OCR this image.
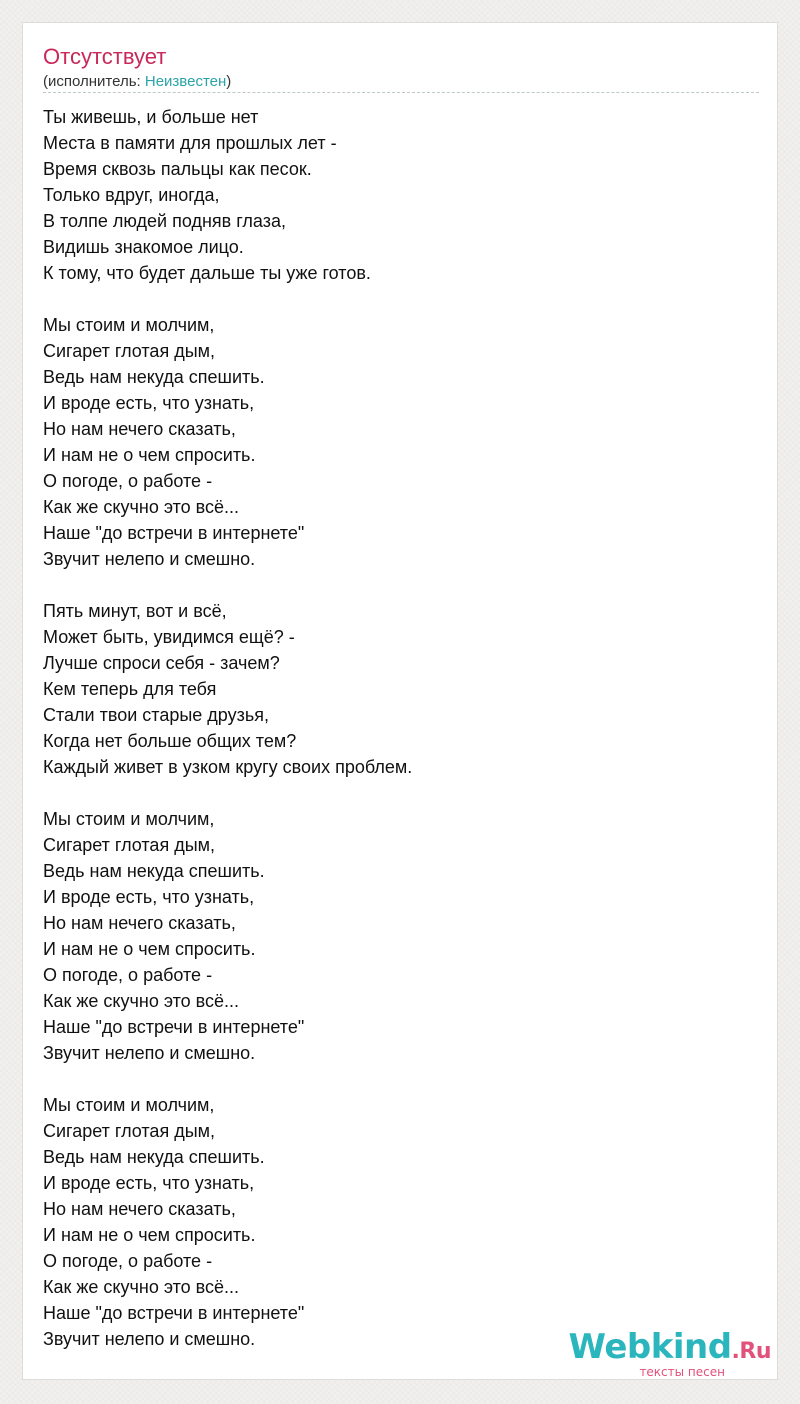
Отсутствует
(исполнитель: Неизвестен)
Ты живешь, и больше нет
Места в памяти для прошлых лет -
Время сквозь пальцы как песок.
Только вдруг, иногда,
В толпе людей подняв глаза,
Видишь знакомое лицо.
К тому, что будет дальше ты уже готов.
Мы стоим и молчим,
Сигарет глотая дым,
Ведь нам некуда спешить.
И вроде есть, что узнать,
Но нам нечего сказать,
И нам не о чем спросить.
О погоде, о работе -
Как же скучно это всё...
Наше "до встречи в интернете"
Звучит нелепо и смешно.
Пять минут, вот и всё,
Может быть, увидимся ещё? -
Лучше спроси себя - зачем?
Кем теперь для тебя
Стали твои старые друзья,
Когда нет больше общих тем?
Каждый живет в узком кругу своих проблем.
Мы стоим и молчим,
Сигарет глотая дым,
Ведь нам некуда спешить.
И вроде есть, что узнать,
Но нам нечего сказать,
И нам не о чем спросить.
О погоде, о работе -
Как же скучно это всё...
Наше "до встречи в интернете"
Звучит нелепо и смешно.
Мы стоим и молчим,
Сигарет глотая дым,
Ведь нам некуда спешить.
И вроде есть, что узнать,
Но нам нечего сказать,
И нам не о чем спросить.
О погоде, о работе -
Как же скучно это всё...
Наше "до встречи в интернете"
Звучит нелепо и смешно.	Webkind.Ru
тексты песен
